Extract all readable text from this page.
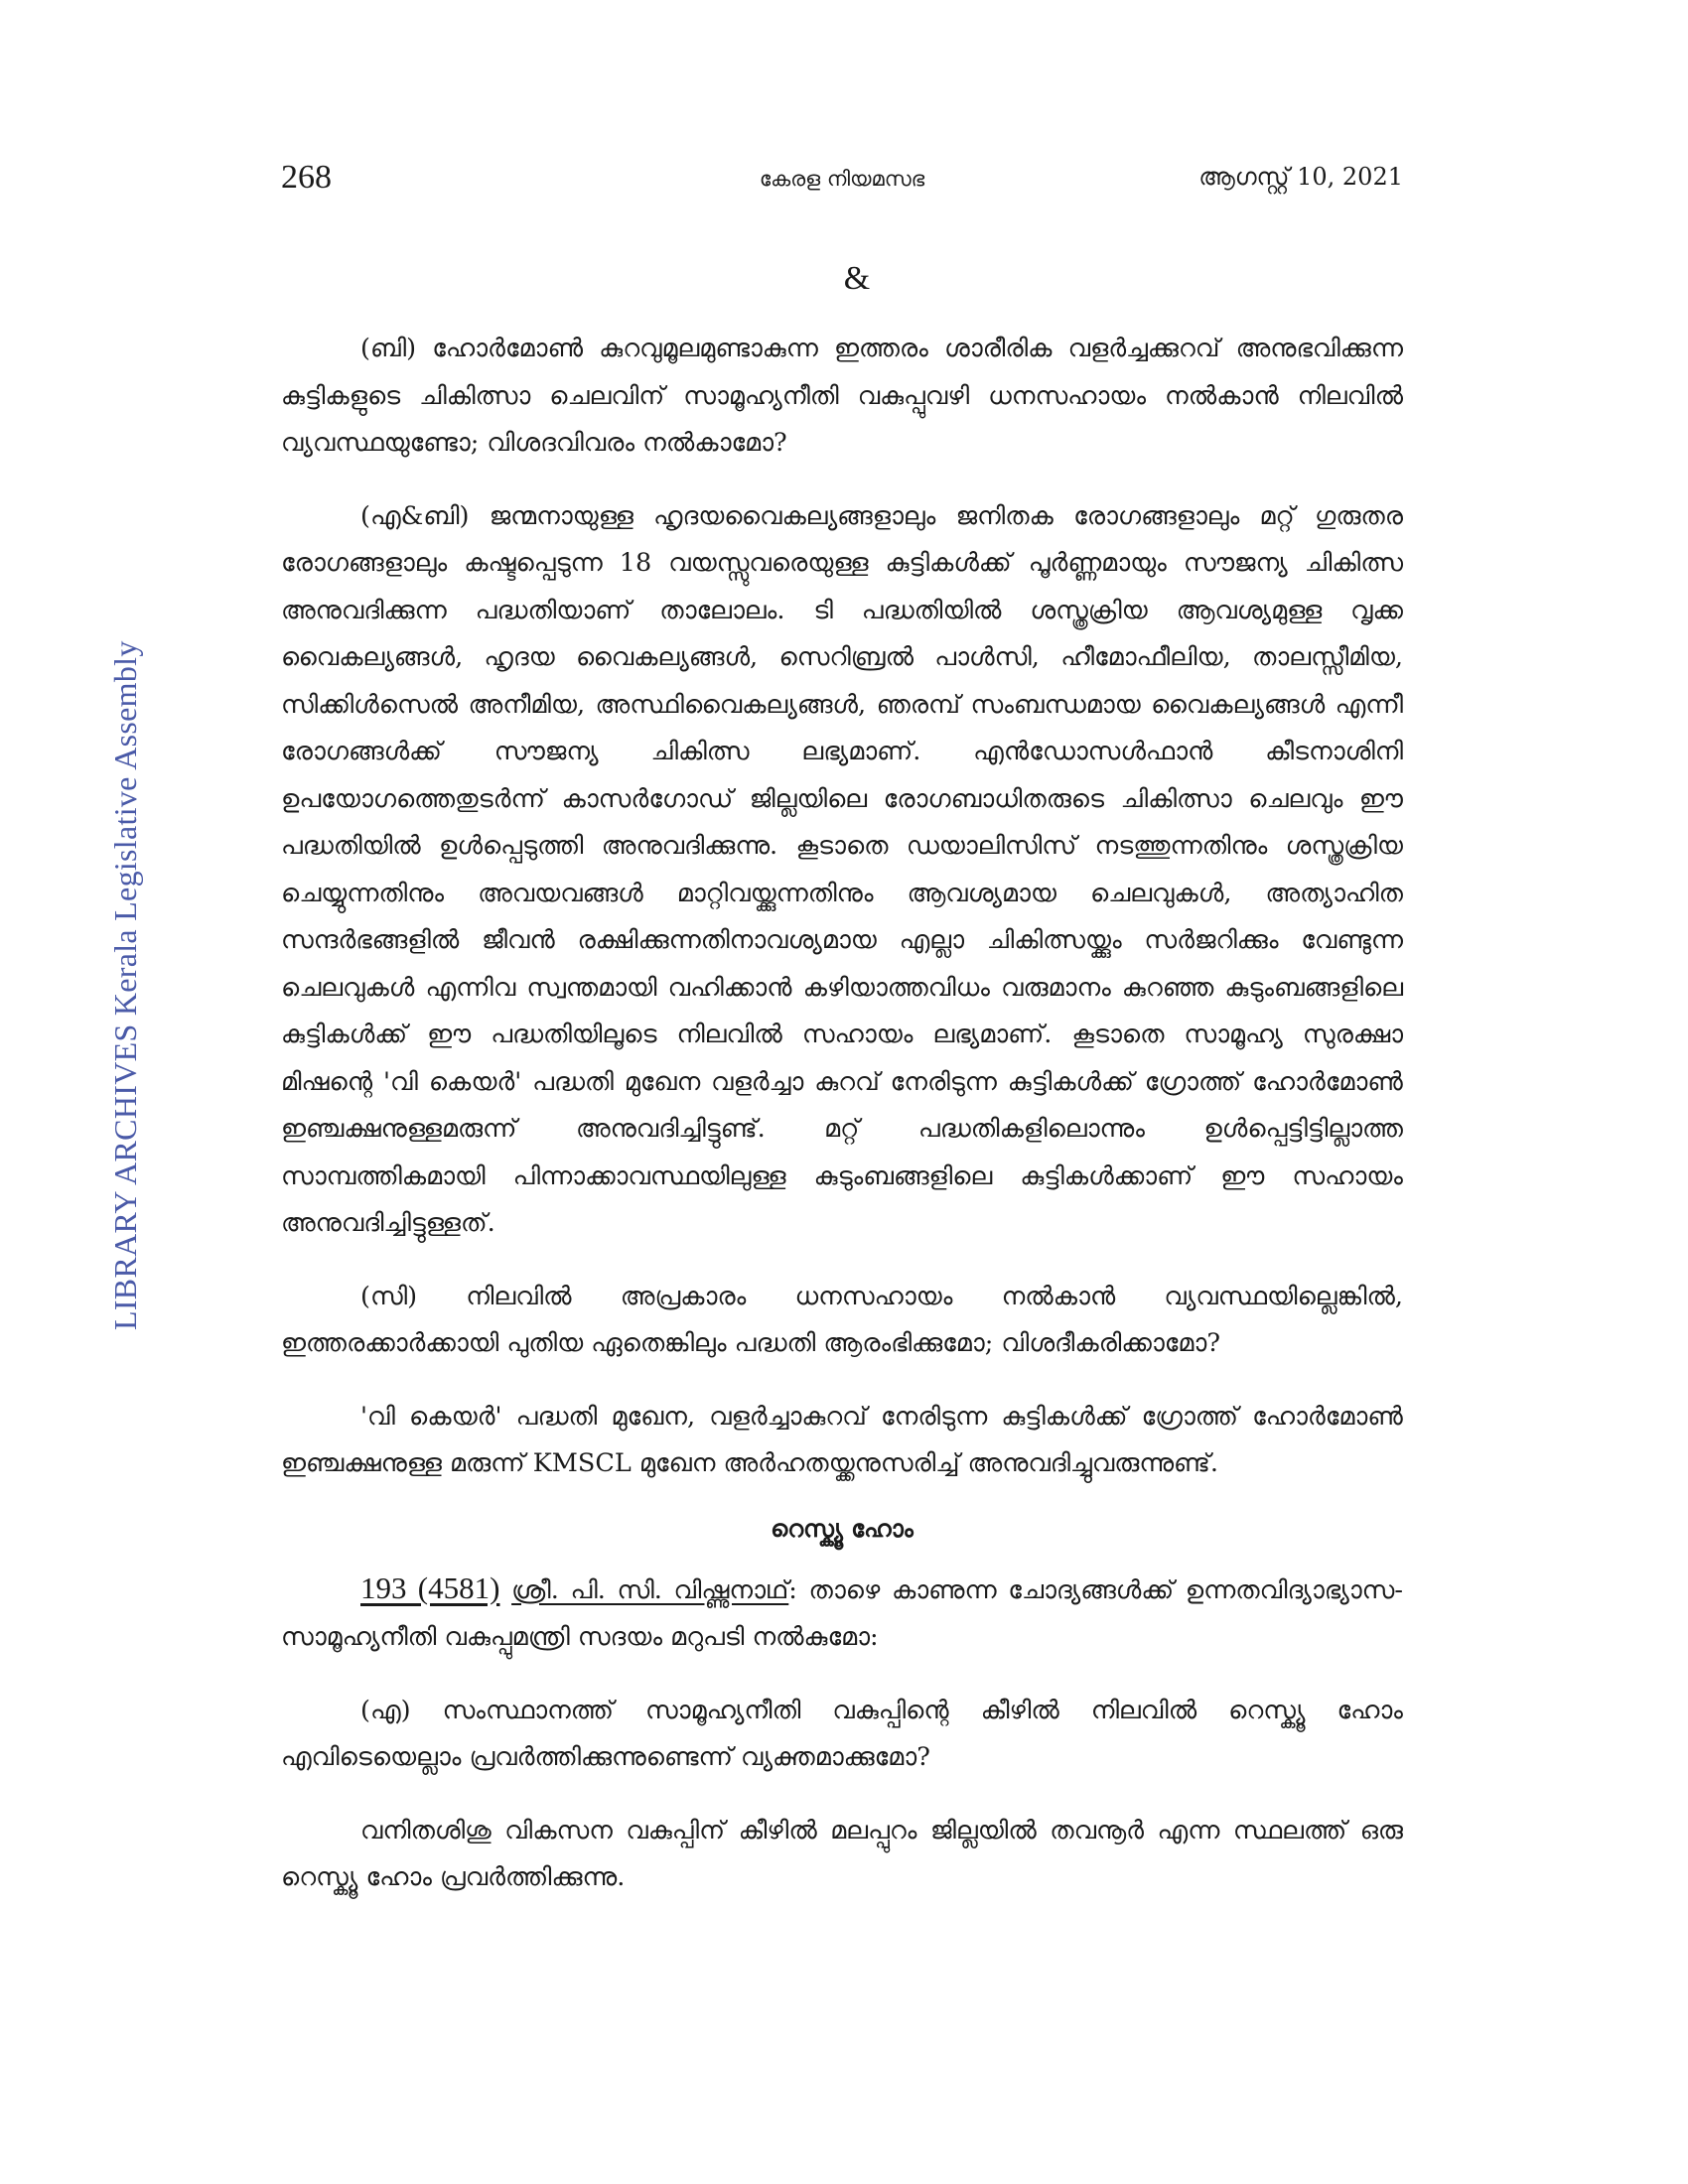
LIBRARY ARCHIVES Kerala Legislative Assembly
268	കേരള നിയമസഭ	ആഗസ്റ്റ് 10, 2021
&

(ബി) ഹോർമോൺ കുറവുമൂലമുണ്ടാകുന്ന ഇത്തരം ശാരീരിക വളർച്ചക്കുറവ് അനുഭവിക്കുന്ന കുട്ടികളുടെ ചികിത്സാ ചെലവിന് സാമൂഹ്യനീതി വകുപ്പുവഴി ധനസഹായം നൽകാൻ നിലവിൽ വ്യവസ്ഥയുണ്ടോ; വിശദവിവരം നൽകാമോ?

(എ&ബി) ജന്മനായുള്ള ഹൃദയവൈകല്യങ്ങളാലും ജനിതക രോഗങ്ങളാലും മറ്റ് ഗുരുതര രോഗങ്ങളാലും കഷ്ടപ്പെടുന്ന 18 വയസ്സുവരെയുള്ള കുട്ടികൾക്ക് പൂർണ്ണമായും സൗജന്യ ചികിത്സ അനുവദിക്കുന്ന പദ്ധതിയാണ് താലോലം. ടി പദ്ധതിയിൽ ശസ്ത്രക്രിയ ആവശ്യമുള്ള വൃക്ക വൈകല്യങ്ങൾ, ഹൃദയ വൈകല്യങ്ങൾ, സെറിബ്രൽ പാൾസി, ഹീമോഫീലിയ, താലസ്സീമിയ, സിക്കിൾസെൽ അനീമിയ, അസ്ഥിവൈകല്യങ്ങൾ, ഞരമ്പ് സംബന്ധമായ വൈകല്യങ്ങൾ എന്നീ രോഗങ്ങൾക്ക് സൗജന്യ ചികിത്സ ലഭ്യമാണ്. എൻഡോസൾഫാൻ കീടനാശിനി ഉപയോഗത്തെതുടർന്ന് കാസർഗോഡ് ജില്ലയിലെ രോഗബാധിതരുടെ ചികിത്സാ ചെലവും ഈ പദ്ധതിയിൽ ഉൾപ്പെടുത്തി അനുവദിക്കുന്നു. കൂടാതെ ഡയാലിസിസ് നടത്തുന്നതിനും ശസ്ത്രക്രിയ ചെയ്യുന്നതിനും അവയവങ്ങൾ മാറ്റിവയ്ക്കുന്നതിനും ആവശ്യമായ ചെലവുകൾ, അത്യാഹിത സന്ദർഭങ്ങളിൽ ജീവൻ രക്ഷിക്കുന്നതിനാവശ്യമായ എല്ലാ ചികിത്സയ്ക്കും സർജറിക്കും വേണ്ടുന്ന ചെലവുകൾ എന്നിവ സ്വന്തമായി വഹിക്കാൻ കഴിയാത്തവിധം വരുമാനം കുറഞ്ഞ കുടുംബങ്ങളിലെ കുട്ടികൾക്ക് ഈ പദ്ധതിയിലൂടെ നിലവിൽ സഹായം ലഭ്യമാണ്. കൂടാതെ സാമൂഹ്യ സുരക്ഷാ മിഷന്റെ 'വി കെയർ' പദ്ധതി മുഖേന വളർച്ചാ കുറവ് നേരിടുന്ന കുട്ടികൾക്ക് ഗ്രോത്ത് ഹോർമോൺ ഇഞ്ചക്ഷനുള്ളമരുന്ന് അനുവദിച്ചിട്ടുണ്ട്. മറ്റ് പദ്ധതികളിലൊന്നും ഉൾപ്പെട്ടിട്ടില്ലാത്ത സാമ്പത്തികമായി പിന്നാക്കാവസ്ഥയിലുള്ള കുടുംബങ്ങളിലെ കുട്ടികൾക്കാണ് ഈ സഹായം അനുവദിച്ചിട്ടുള്ളത്.

(സി) നിലവിൽ അപ്രകാരം ധനസഹായം നൽകാൻ വ്യവസ്ഥയില്ലെങ്കിൽ, ഇത്തരക്കാർക്കായി പുതിയ ഏതെങ്കിലും പദ്ധതി ആരംഭിക്കുമോ; വിശദീകരിക്കാമോ?

'വി കെയർ' പദ്ധതി മുഖേന, വളർച്ചാകുറവ് നേരിടുന്ന കുട്ടികൾക്ക് ഗ്രോത്ത് ഹോർമോൺ ഇഞ്ചക്ഷനുള്ള മരുന്ന് KMSCL മുഖേന അർഹതയ്ക്കനുസരിച്ച് അനുവദിച്ചുവരുന്നുണ്ട്.

റെസ്ക്യൂ ഹോം

193 (4581) ശ്രീ. പി. സി. വിഷ്ണുനാഥ്: താഴെ കാണുന്ന ചോദ്യങ്ങൾക്ക് ഉന്നതവിദ്യാഭ്യാസ-സാമൂഹ്യനീതി വകുപ്പുമന്ത്രി സദയം മറുപടി നൽകുമോ:

(എ) സംസ്ഥാനത്ത് സാമൂഹ്യനീതി വകുപ്പിന്റെ കീഴിൽ നിലവിൽ റെസ്ക്യൂ ഹോം എവിടെയെല്ലാം പ്രവർത്തിക്കുന്നുണ്ടെന്ന് വ്യക്തമാക്കുമോ?

വനിതശിശു വികസന വകുപ്പിന് കീഴിൽ മലപ്പുറം ജില്ലയിൽ തവനൂർ എന്ന സ്ഥലത്ത് ഒരു റെസ്ക്യൂ ഹോം പ്രവർത്തിക്കുന്നു.
